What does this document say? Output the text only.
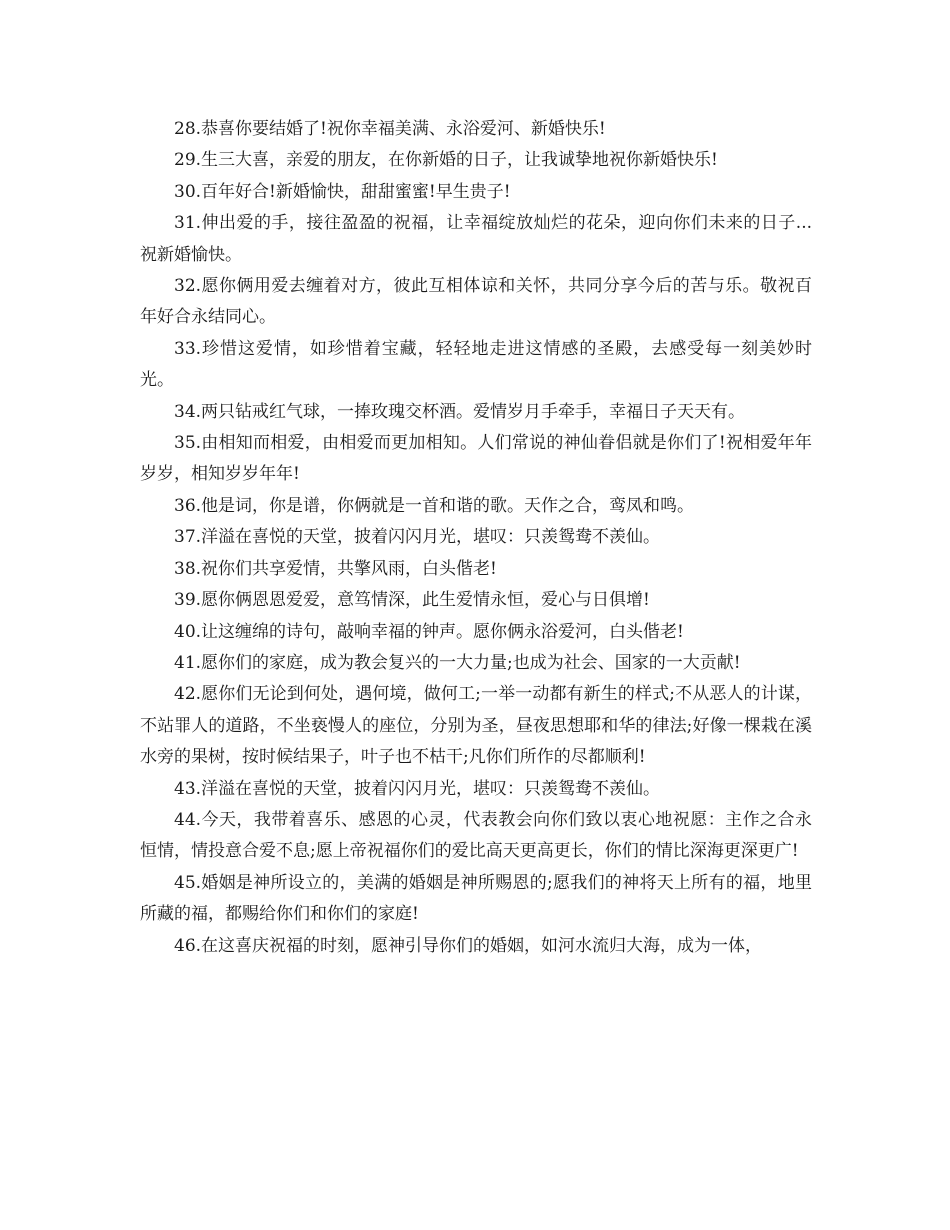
28.恭喜你要结婚了!祝你幸福美满、永浴爱河、新婚快乐!

29.生三大喜，亲爱的朋友，在你新婚的日子，让我诚挚地祝你新婚快乐!

30.百年好合!新婚愉快，甜甜蜜蜜!早生贵子!

31.伸出爱的手，接往盈盈的祝福，让幸福绽放灿烂的花朵，迎向你们未来的日子...祝新婚愉快。

32.愿你俩用爱去缠着对方，彼此互相体谅和关怀，共同分享今后的苦与乐。敬祝百年好合永结同心。

33.珍惜这爱情，如珍惜着宝藏，轻轻地走进这情感的圣殿，去感受每一刻美妙时光。

34.两只钻戒红气球，一捧玫瑰交杯酒。爱情岁月手牵手，幸福日子天天有。

35.由相知而相爱，由相爱而更加相知。人们常说的神仙眷侣就是你们了!祝相爱年年岁岁，相知岁岁年年!

36.他是词，你是谱，你俩就是一首和谐的歌。天作之合，鸾凤和鸣。

37.洋溢在喜悦的天堂，披着闪闪月光，堪叹：只羡鸳鸯不羡仙。

38.祝你们共享爱情，共擎风雨，白头偕老!

39.愿你俩恩恩爱爱，意笃情深，此生爱情永恒，爱心与日俱增!

40.让这缠绵的诗句，敲响幸福的钟声。愿你俩永浴爱河，白头偕老!

41.愿你们的家庭，成为教会复兴的一大力量;也成为社会、国家的一大贡献!

42.愿你们无论到何处，遇何境，做何工;一举一动都有新生的样式;不从恶人的计谋，不站罪人的道路，不坐亵慢人的座位，分别为圣，昼夜思想耶和华的律法;好像一棵栽在溪水旁的果树，按时候结果子，叶子也不枯干;凡你们所作的尽都顺利!

43.洋溢在喜悦的天堂，披着闪闪月光，堪叹：只羡鸳鸯不羡仙。

44.今天，我带着喜乐、感恩的心灵，代表教会向你们致以衷心地祝愿：主作之合永恒情，情投意合爱不息;愿上帝祝福你们的爱比高天更高更长，你们的情比深海更深更广!

45.婚姻是神所设立的，美满的婚姻是神所赐恩的;愿我们的神将天上所有的福，地里所藏的福，都赐给你们和你们的家庭!

46.在这喜庆祝福的时刻，愿神引导你们的婚姻，如河水流归大海，成为一体，
